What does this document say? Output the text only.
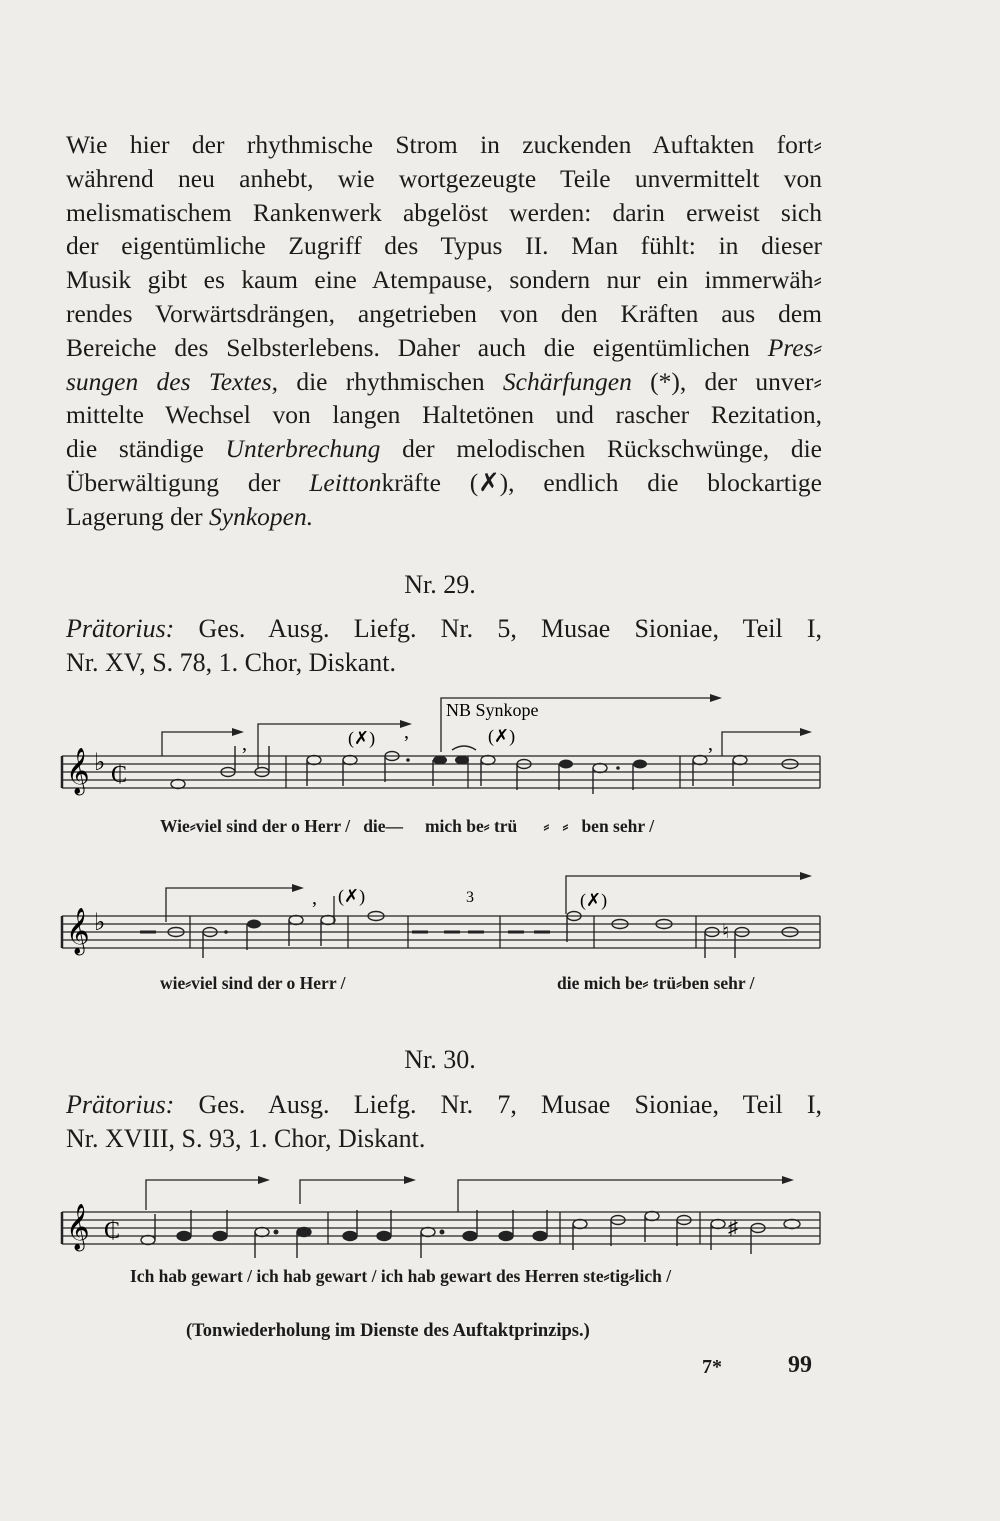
Wie hier der rhythmische Strom in zuckenden Auftakten fort⸗
während neu anhebt, wie wortgezeugte Teile unvermittelt von
melismatischem Rankenwerk abgelöst werden: darin erweist sich
der eigentümliche Zugriff des Typus II. Man fühlt: in dieser
Musik gibt es kaum eine Atempause, sondern nur ein immerwäh⸗
rendes Vorwärtsdrängen, angetrieben von den Kräften aus dem
Bereiche des Selbsterlebens. Daher auch die eigentümlichen Pres⸗
sungen des Textes, die rhythmischen Schärfungen (*), der unver⸗
mittelte Wechsel von langen Haltetönen und rascher Rezitation,
die ständige Unterbrechung der melodischen Rückschwünge, die
Überwältigung der Leittonkräfte (✗), endlich die blockartige
Lagerung der Synkopen.
Nr. 29.
Prätorius: Ges. Ausg. Liefg. Nr. 5, Musae Sioniae, Teil I,
Nr. XV, S. 78, 1. Chor, Diskant.
𝄞 ♭ ₵
,
,
,
NB Synkope
(✗)	(✗)
Wie⸗viel sind der o Herr / die— mich be⸗ trü ⸗ ⸗ ben sehr /
𝄞 ♭	♮
, (✗)	3	(✗)
wie⸗viel sind der o Herr /	die mich be⸗ trü⸗ben sehr /
Nr. 30.
Prätorius: Ges. Ausg. Liefg. Nr. 7, Musae Sioniae, Teil I,
Nr. XVIII, S. 93, 1. Chor, Diskant.
𝄞 ₵	♯
Ich hab gewart / ich hab gewart / ich hab gewart des Herren ste⸗tig⸗lich /
(Tonwiederholung im Dienste des Auftaktprinzips.)
7*	99
